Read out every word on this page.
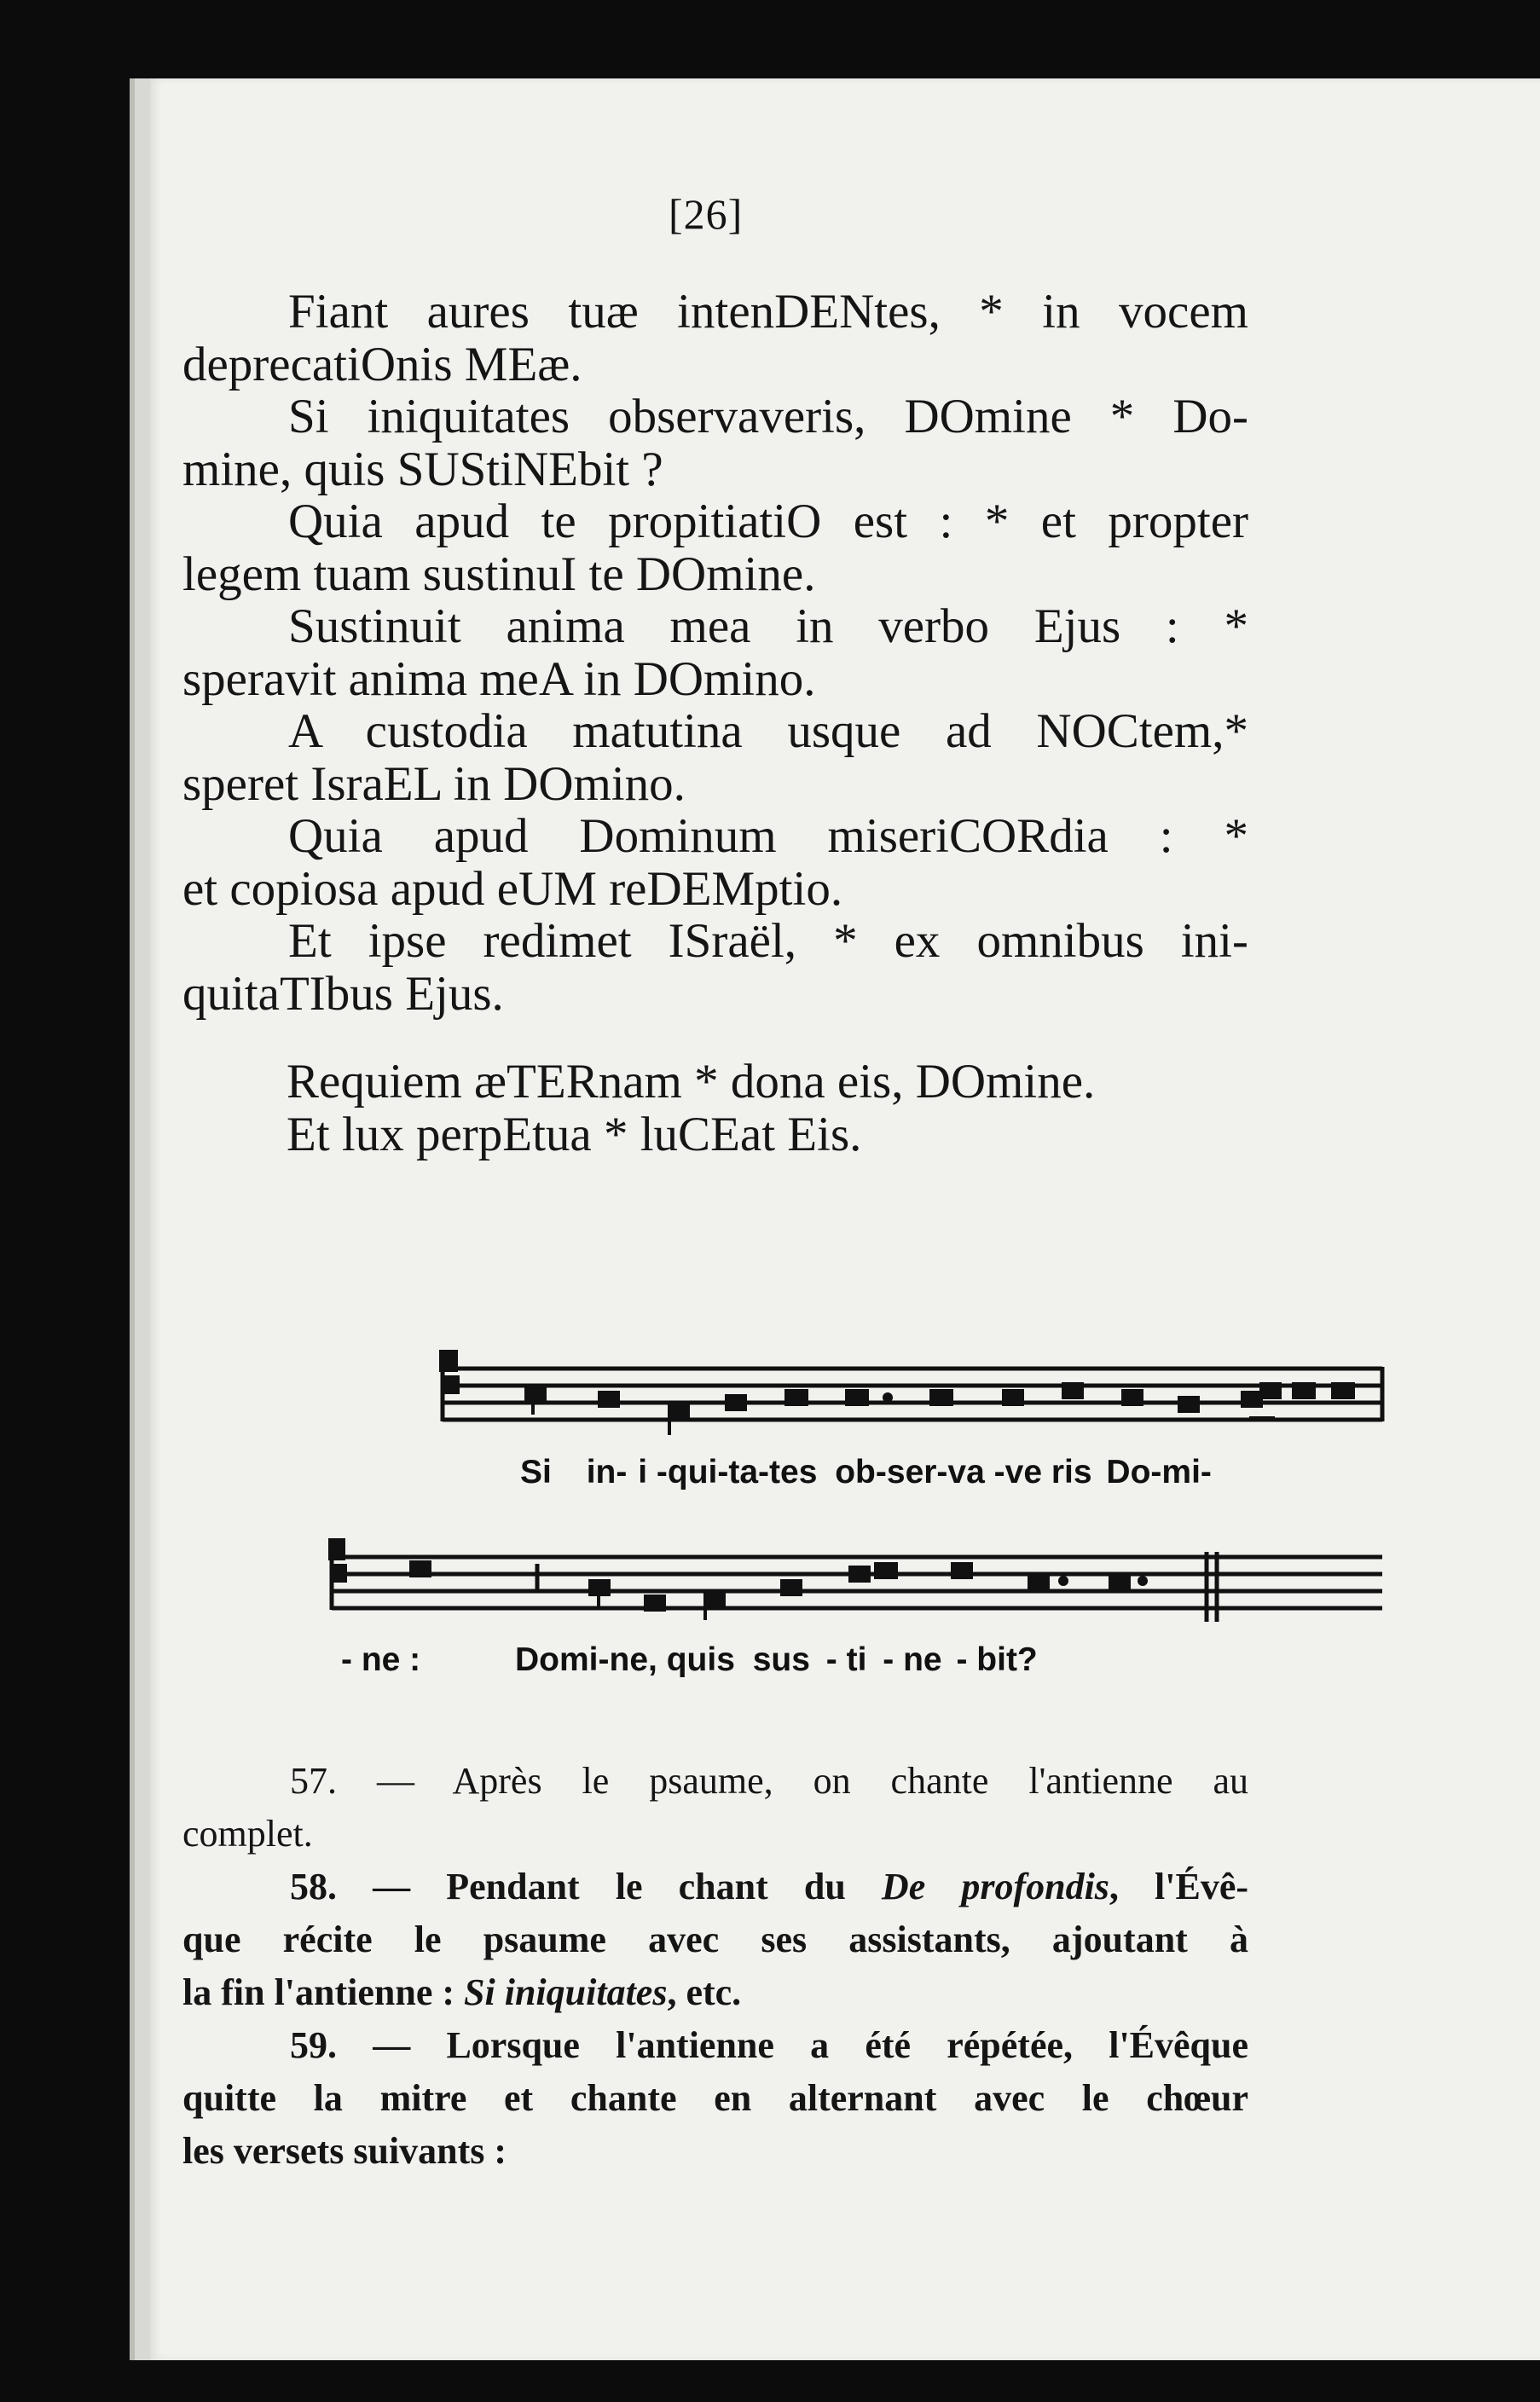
[26]
Fiant aures tuæ intenDENtes, * in vocem
deprecatiOnis MEæ.
Si iniquitates observaveris, DOmine * Do-
mine, quis SUStiNEbit ?
Quia apud te propitiatiO est : * et propter
legem tuam sustinuI te DOmine.
Sustinuit anima mea in verbo Ejus : *
speravit anima meA in DOmino.
A custodia matutina usque ad NOCtem,*
speret IsraEL in DOmino.
Quia apud Dominum miseriCORdia : *
et copiosa apud eUM reDEMptio.
Et ipse redimet ISraël, * ex omnibus ini-
quitaTIbus Ejus.
Requiem æTERnam * dona eis, DOmine.
Et lux perpEtua * luCEat Eis.
Si in- i -qui-ta-tes ob-ser-va -ve ris Do-mi-
- ne :	Domi-ne, quis sus - ti - ne - bit?
57. — Après le psaume, on chante l'antienne au
complet.
58. — Pendant le chant du De profondis, l'Évê-
que récite le psaume avec ses assistants, ajoutant à
la fin l'antienne : Si iniquitates, etc.
59. — Lorsque l'antienne a été répétée, l'Évêque
quitte la mitre et chante en alternant avec le chœur
les versets suivants :
